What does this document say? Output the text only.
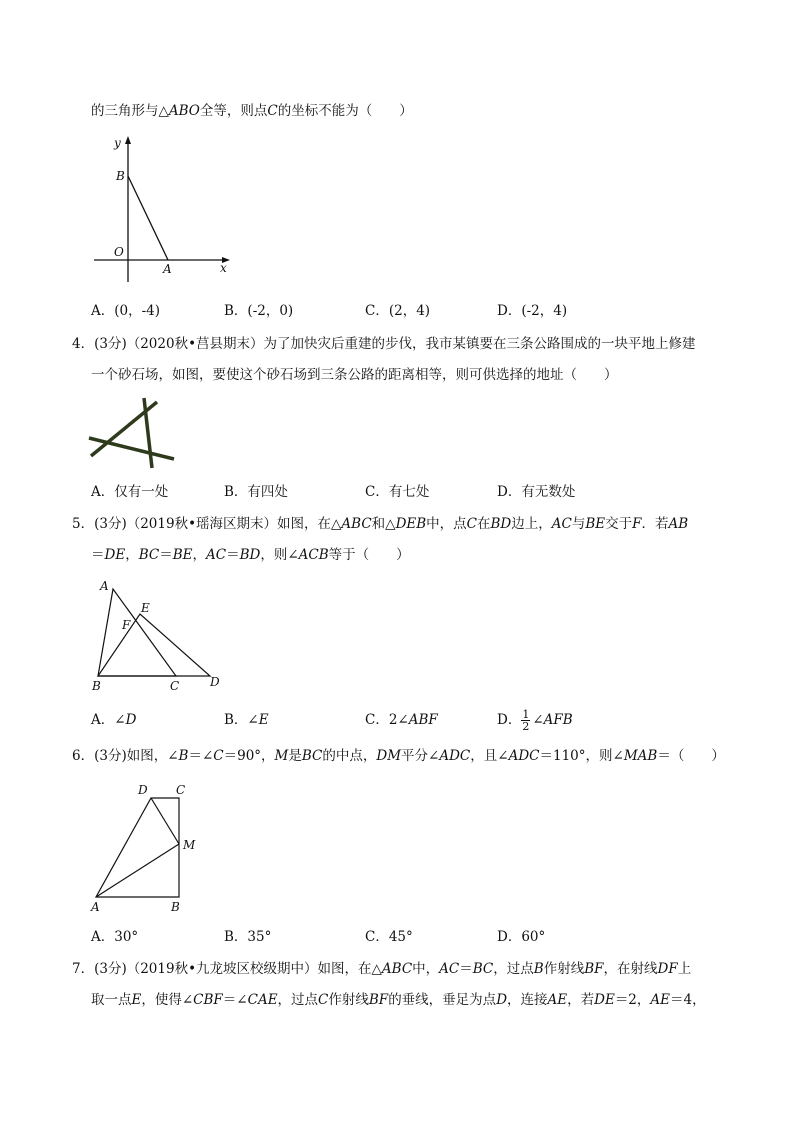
的三角形与△ABO全等，则点C的坐标不能为（　　）
y
x
B
O
A
A．(0，-4)	B．(-2，0)	C．(2，4)	D．(-2，4)
4．(3分)（2020秋•莒县期末）为了加快灾后重建的步伐，我市某镇要在三条公路围成的一块平地上修建
一个砂石场，如图，要使这个砂石场到三条公路的距离相等，则可供选择的地址（　　）
A．仅有一处	B．有四处	C．有七处	D．有无数处
5．(3分)（2019秋•瑶海区期末）如图，在△ABC和△DEB中，点C在BD边上，AC与BE交于F．若AB
＝DE，BC＝BE，AC＝BD，则∠ACB等于（　　）
A
E
F
B	C	D
A．∠D	B．∠E	C．2∠ABF	D． $\frac{1}{2}$ ∠AFB
6．(3分)如图，∠B＝∠C＝90°，M是BC的中点，DM平分∠ADC，且∠ADC＝110°，则∠MAB＝（　　）
D C
M
A	B
A．30°	B．35°	C．45°	D．60°
7．(3分)（2019秋•九龙坡区校级期中）如图，在△ABC中，AC＝BC，过点B作射线BF，在射线DF上
取一点E，使得∠CBF＝∠CAE，过点C作射线BF的垂线，垂足为点D，连接AE，若DE＝2，AE＝4，
